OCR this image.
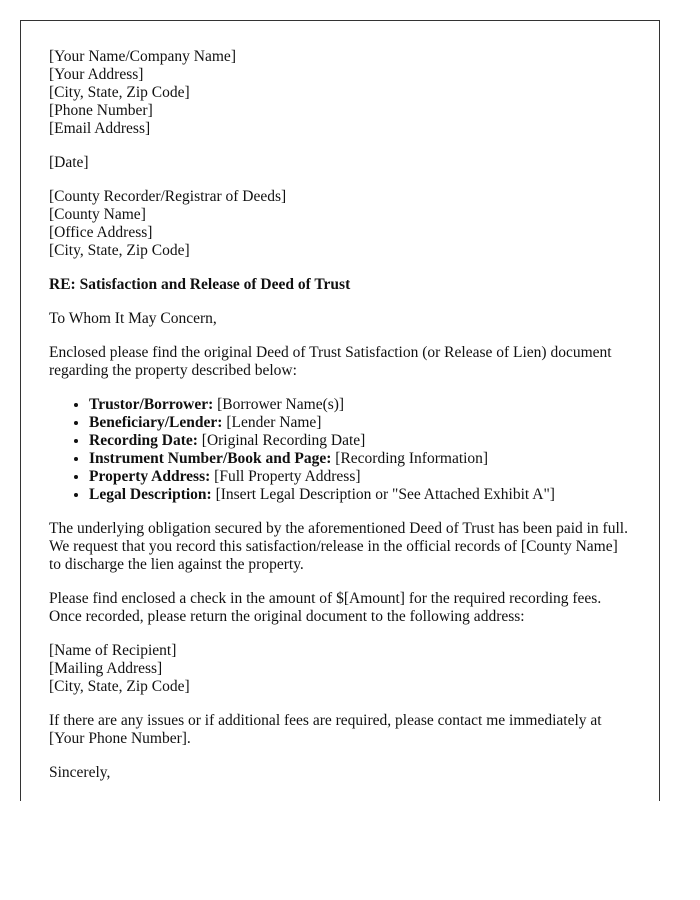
[Your Name/Company Name]
[Your Address]
[City, State, Zip Code]
[Phone Number]
[Email Address]
[Date]
[County Recorder/Registrar of Deeds]
[County Name]
[Office Address]
[City, State, Zip Code]
RE: Satisfaction and Release of Deed of Trust

To Whom It May Concern,

Enclosed please find the original Deed of Trust Satisfaction (or Release of Lien) document regarding the property described below:

• Trustor/Borrower: [Borrower Name(s)]
• Beneficiary/Lender: [Lender Name]
• Recording Date: [Original Recording Date]
• Instrument Number/Book and Page: [Recording Information]
• Property Address: [Full Property Address]
• Legal Description: [Insert Legal Description or "See Attached Exhibit A"]

The underlying obligation secured by the aforementioned Deed of Trust has been paid in full. We request that you record this satisfaction/release in the official records of [County Name] to discharge the lien against the property.

Please find enclosed a check in the amount of $[Amount] for the required recording fees. Once recorded, please return the original document to the following address:

[Name of Recipient]
[Mailing Address]
[City, State, Zip Code]

If there are any issues or if additional fees are required, please contact me immediately at [Your Phone Number].

Sincerely,
